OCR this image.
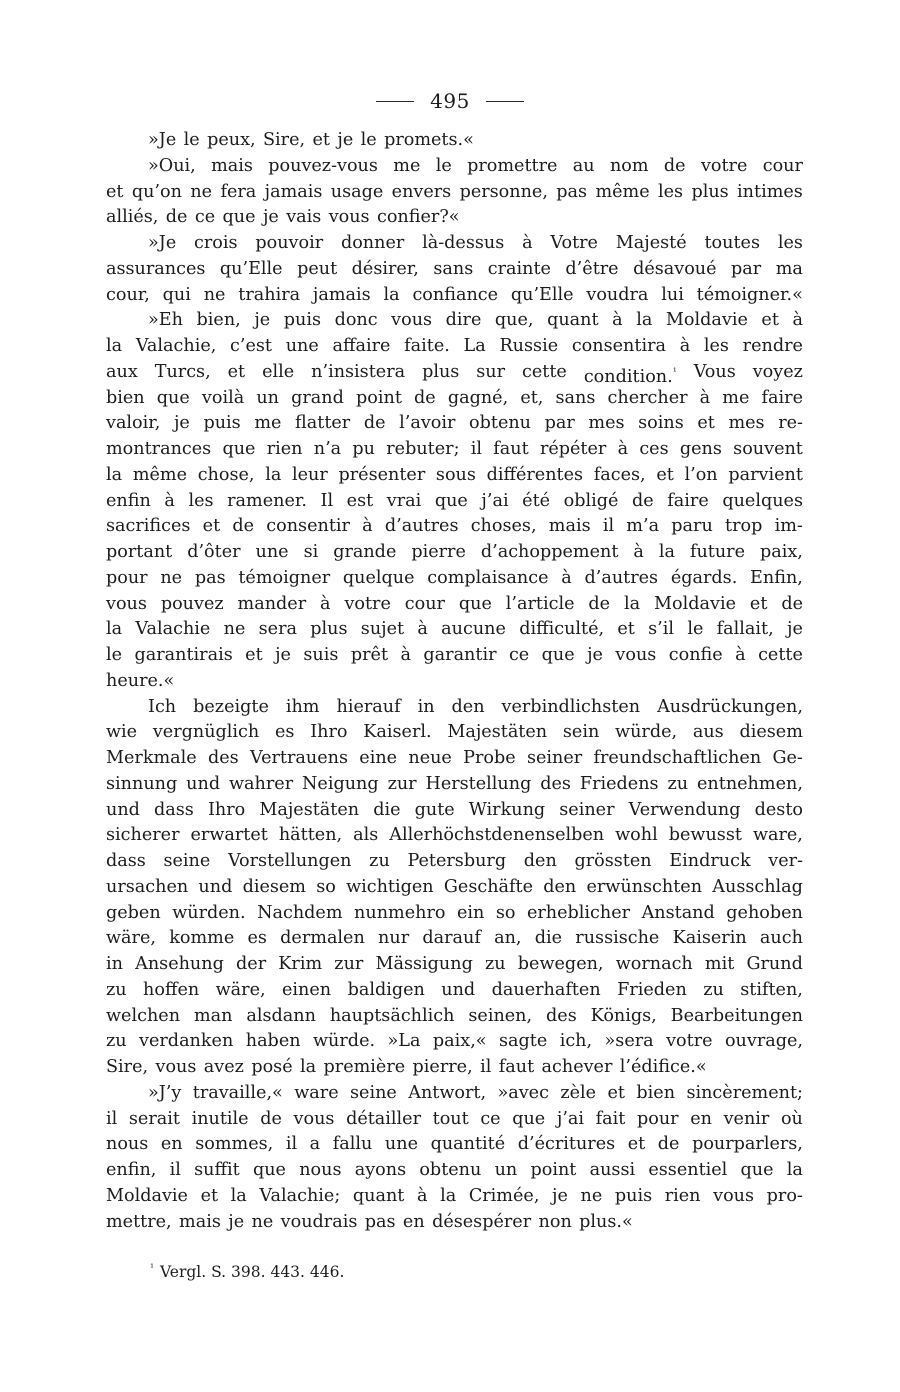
495
»Je le peux, Sire, et je le promets.«
»Oui, mais pouvez-vous me le promettre au nom de votre cour
et qu’on ne fera jamais usage envers personne, pas même les plus intimes
alliés, de ce que je vais vous confier?«
»Je crois pouvoir donner là-dessus à Votre Majesté toutes les
assurances qu’Elle peut désirer, sans crainte d’être désavoué par ma
cour, qui ne trahira jamais la confiance qu’Elle voudra lui témoigner.«
»Eh bien, je puis donc vous dire que, quant à la Moldavie et à
la Valachie, c’est une affaire faite. La Russie consentira à les rendre
aux Turcs, et elle n’insistera plus sur cette condition.$^{^1}$ Vous voyez
bien que voilà un grand point de gagné, et, sans chercher à me faire
valoir, je puis me flatter de l’avoir obtenu par mes soins et mes re-
montrances que rien n’a pu rebuter; il faut répéter à ces gens souvent
la même chose, la leur présenter sous différentes faces, et l’on parvient
enfin à les ramener. Il est vrai que j’ai été obligé de faire quelques
sacrifices et de consentir à d’autres choses, mais il m’a paru trop im-
portant d’ôter une si grande pierre d’achoppement à la future paix,
pour ne pas témoigner quelque complaisance à d’autres égards. Enfin,
vous pouvez mander à votre cour que l’article de la Moldavie et de
la Valachie ne sera plus sujet à aucune difficulté, et s’il le fallait, je
le garantirais et je suis prêt à garantir ce que je vous confie à cette
heure.«
Ich bezeigte ihm hierauf in den verbindlichsten Ausdrückungen,
wie vergnüglich es Ihro Kaiserl. Majestäten sein würde, aus diesem
Merkmale des Vertrauens eine neue Probe seiner freundschaftlichen Ge-
sinnung und wahrer Neigung zur Herstellung des Friedens zu entnehmen,
und dass Ihro Majestäten die gute Wirkung seiner Verwendung desto
sicherer erwartet hätten, als Allerhöchstdenenselben wohl bewusst ware,
dass seine Vorstellungen zu Petersburg den grössten Eindruck ver-
ursachen und diesem so wichtigen Geschäfte den erwünschten Ausschlag
geben würden. Nachdem nunmehro ein so erheblicher Anstand gehoben
wäre, komme es dermalen nur darauf an, die russische Kaiserin auch
in Ansehung der Krim zur Mässigung zu bewegen, wornach mit Grund
zu hoffen wäre, einen baldigen und dauerhaften Frieden zu stiften,
welchen man alsdann hauptsächlich seinen, des Königs, Bearbeitungen
zu verdanken haben würde. »La paix,« sagte ich, »sera votre ouvrage,
Sire, vous avez posé la première pierre, il faut achever l’édifice.«
»J’y travaille,« ware seine Antwort, »avec zèle et bien sincèrement;
il serait inutile de vous détailler tout ce que j’ai fait pour en venir où
nous en sommes, il a fallu une quantité d’écritures et de pourparlers,
enfin, il suffit que nous ayons obtenu un point aussi essentiel que la
Moldavie et la Valachie; quant à la Crimée, je ne puis rien vous pro-
mettre, mais je ne voudrais pas en désespérer non plus.«
$^{^1}$ Vergl. S. 398. 443. 446.
